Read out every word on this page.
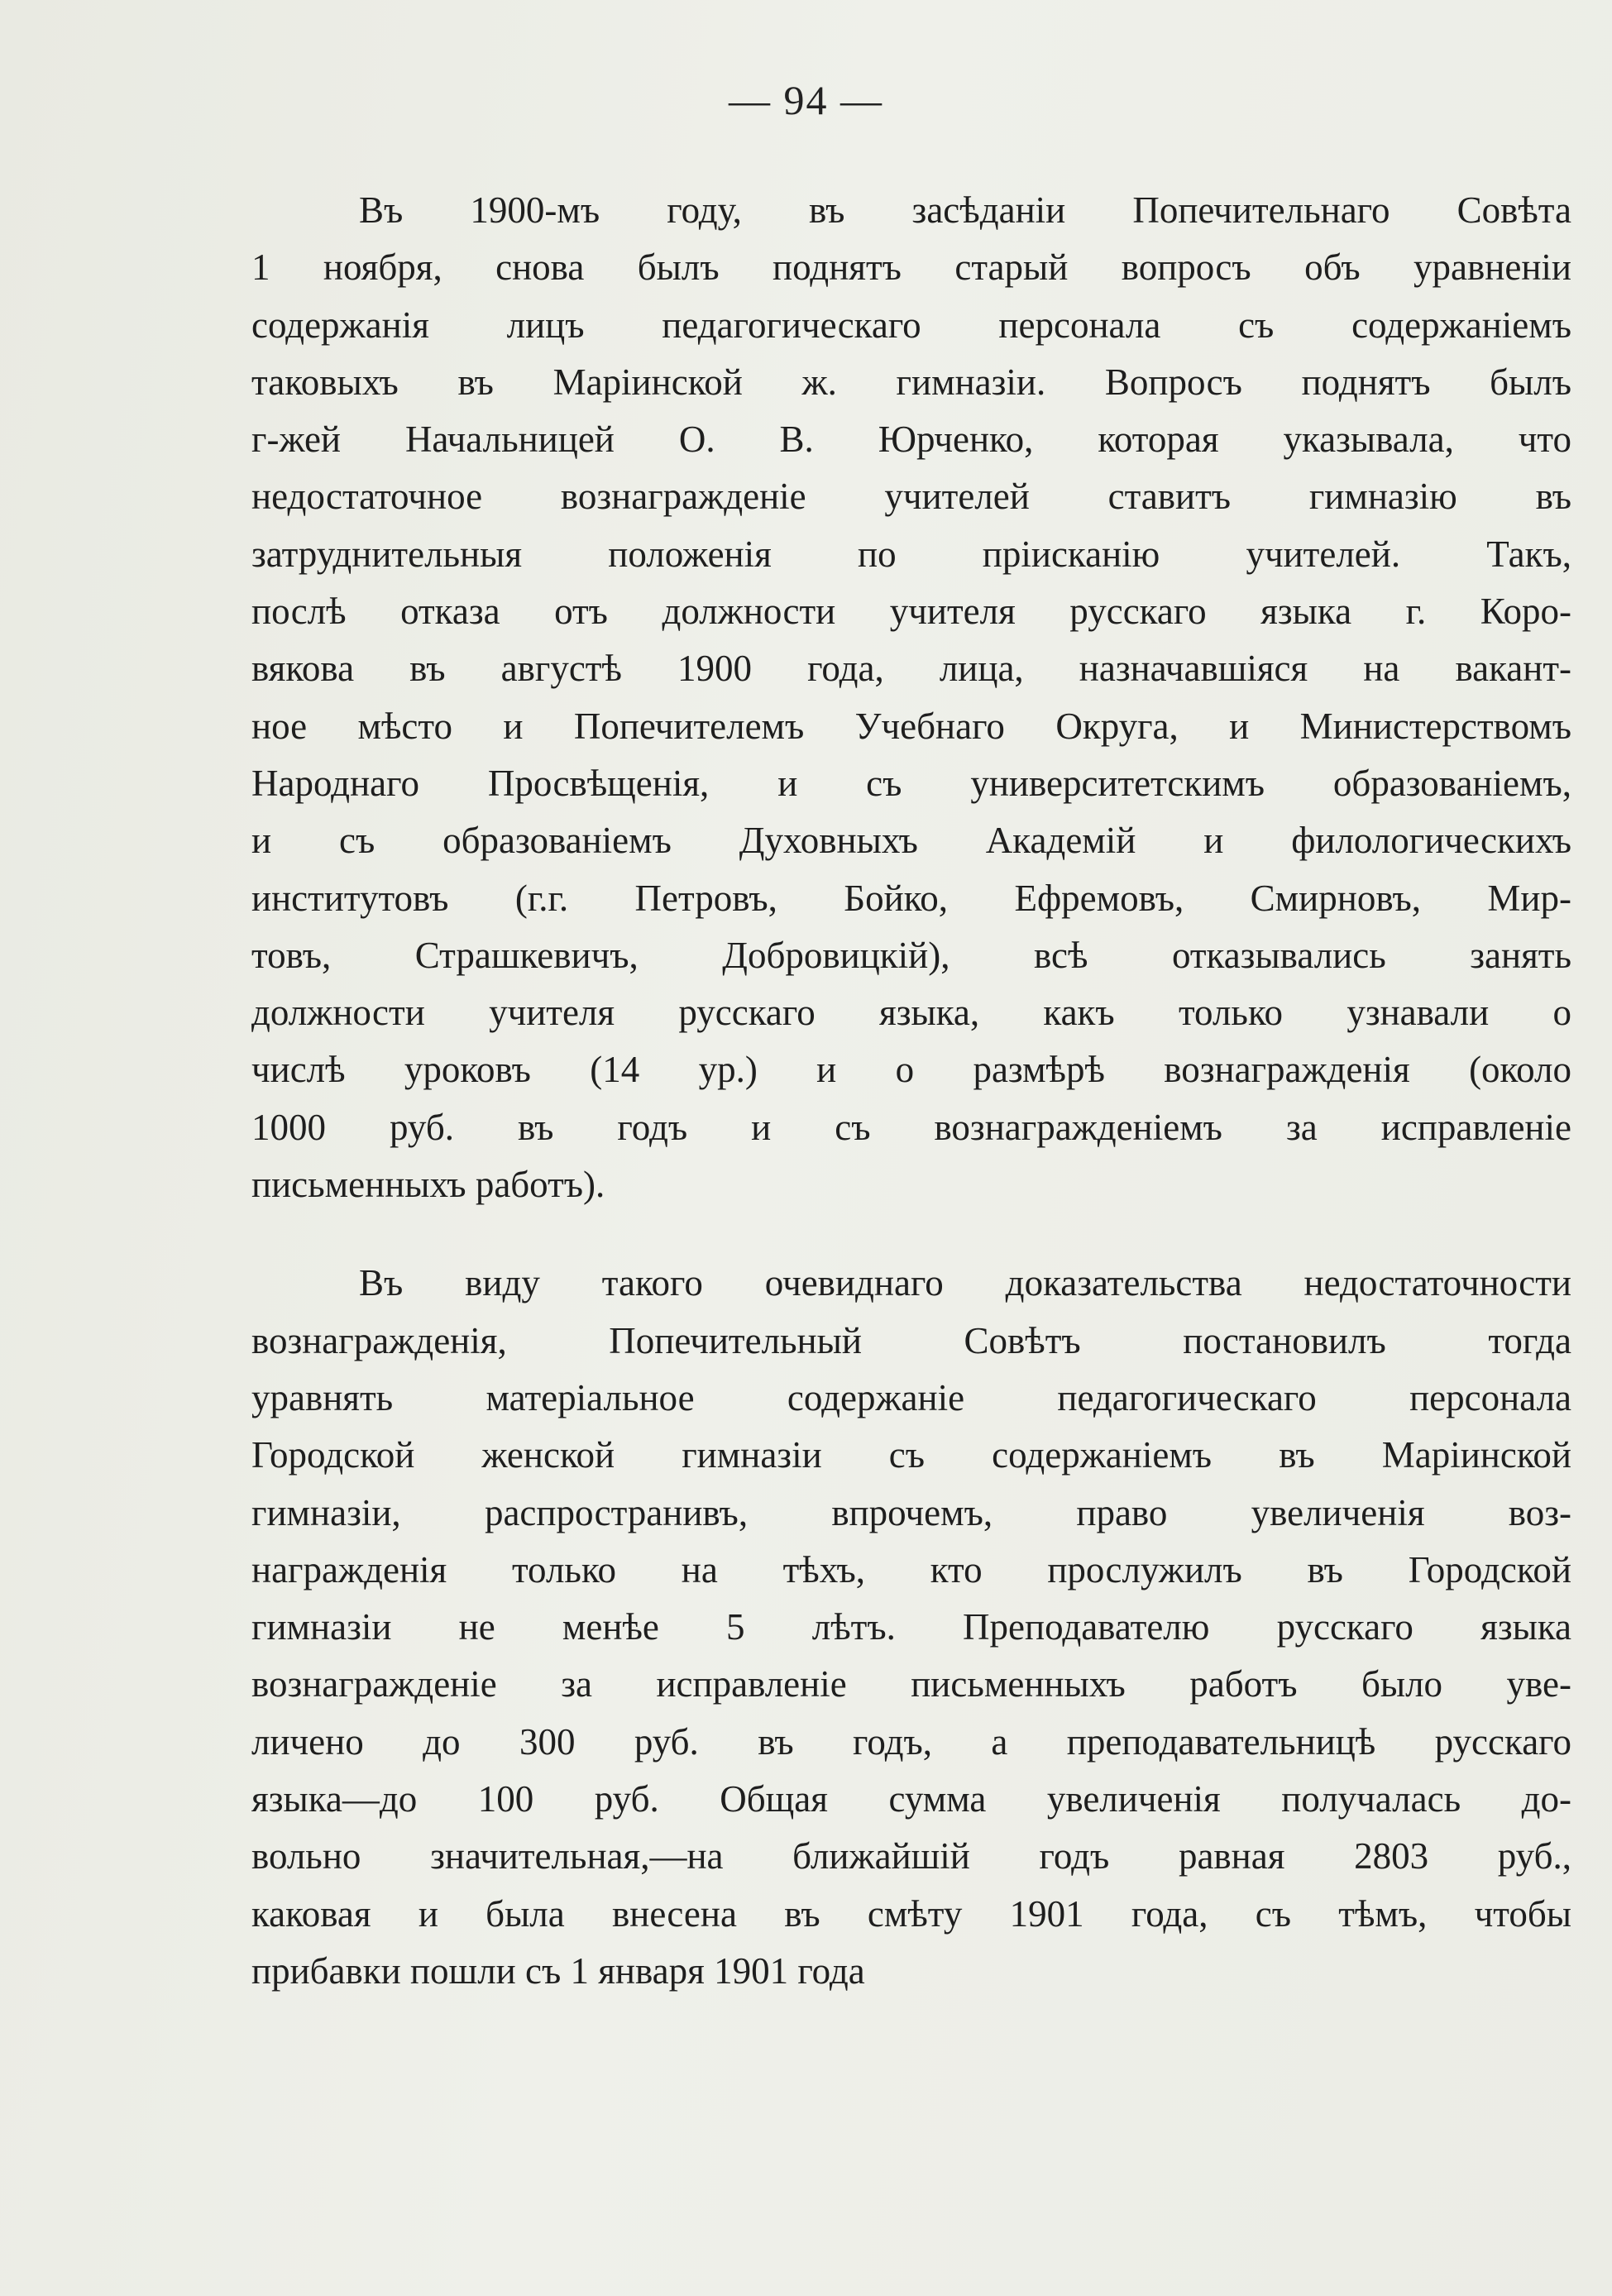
— 94 —

Въ 1900-мъ году, въ засѣданіи Попечительнаго Совѣта
1 ноября, снова былъ поднятъ старый вопросъ объ уравненіи
содержанія лицъ педагогическаго персонала съ содержаніемъ
таковыхъ въ Маріинской ж. гимназіи. Вопросъ поднятъ былъ
г-жей Начальницей О. В. Юрченко, которая указывала, что
недостаточное вознагражденіе учителей ставитъ гимназію въ
затруднительныя положенія по пріисканію учителей. Такъ,
послѣ отказа отъ должности учителя русскаго языка г. Коро-
вякова въ августѣ 1900 года, лица, назначавшіяся на вакант-
ное мѣсто и Попечителемъ Учебнаго Округа, и Министерствомъ
Народнаго Просвѣщенія, и съ университетскимъ образованіемъ,
и съ образованіемъ Духовныхъ Академій и филологическихъ
институтовъ (г.г. Петровъ, Бойко, Ефремовъ, Смирновъ, Мир-
товъ, Страшкевичъ, Добровицкій), всѣ отказывались занять
должности учителя русскаго языка, какъ только узнавали о
числѣ уроковъ (14 ур.) и о размѣрѣ вознагражденія (около
1000 руб. въ годъ и съ вознагражденіемъ за исправленіе
письменныхъ работъ).

Въ виду такого очевиднаго доказательства недостаточности
вознагражденія, Попечительный Совѣтъ постановилъ тогда
уравнять матеріальное содержаніе педагогическаго персонала
Городской женской гимназіи съ содержаніемъ въ Маріинской
гимназіи, распространивъ, впрочемъ, право увеличенія воз-
награжденія только на тѣхъ, кто прослужилъ въ Городской
гимназіи не менѣе 5 лѣтъ. Преподавателю русскаго языка
вознагражденіе за исправленіе письменныхъ работъ было уве-
личено до 300 руб. въ годъ, а преподавательницѣ русскаго
языка—до 100 руб. Общая сумма увеличенія получалась до-
вольно значительная,—на ближайшій годъ равная 2803 руб.,
каковая и была внесена въ смѣту 1901 года, съ тѣмъ, чтобы
прибавки пошли съ 1 января 1901 года
